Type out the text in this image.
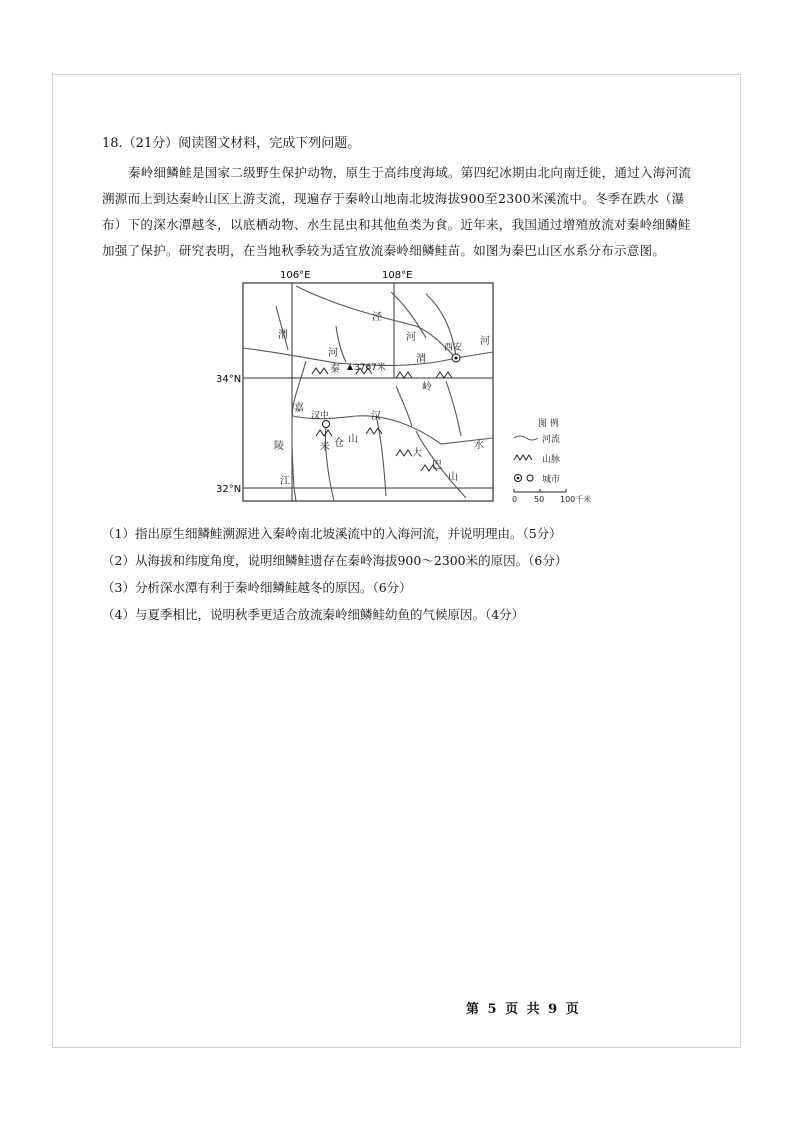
18.（21分）阅读图文材料，完成下列问题。
秦岭细鳞鲑是国家二级野生保护动物，原生于高纬度海域。第四纪冰期由北向南迁徙，通过入海河流溯源而上到达秦岭山区上游支流，现遍存于秦岭山地南北坡海拔900至2300米溪流中。冬季在跌水（瀑布）下的深水潭越冬，以底栖动物、水生昆虫和其他鱼类为食。近年来，我国通过增殖放流对秦岭细鳞鲑加强了保护。研究表明，在当地秋季较为适宜放流秦岭细鳞鲑苗。如图为秦巴山区水系分布示意图。
106°E	108°E
34°N
32°N
渭
河
渭
河
泾
河
嘉
陵
江
汉
水
秦
岭
米 仓 山
大
巴
山
3767米
西安
汉中
图 例
河流
山脉
城市
0 50 100千米
（1）指出原生细鳞鲑溯源进入秦岭南北坡溪流中的入海河流，并说明理由。（5分）
（2）从海拔和纬度角度，说明细鳞鲑遗存在秦岭海拔900～2300米的原因。（6分）
（3）分析深水潭有利于秦岭细鳞鲑越冬的原因。（6分）
（4）与夏季相比，说明秋季更适合放流秦岭细鳞鲑幼鱼的气候原因。（4分）
第 5 页 共 9 页
